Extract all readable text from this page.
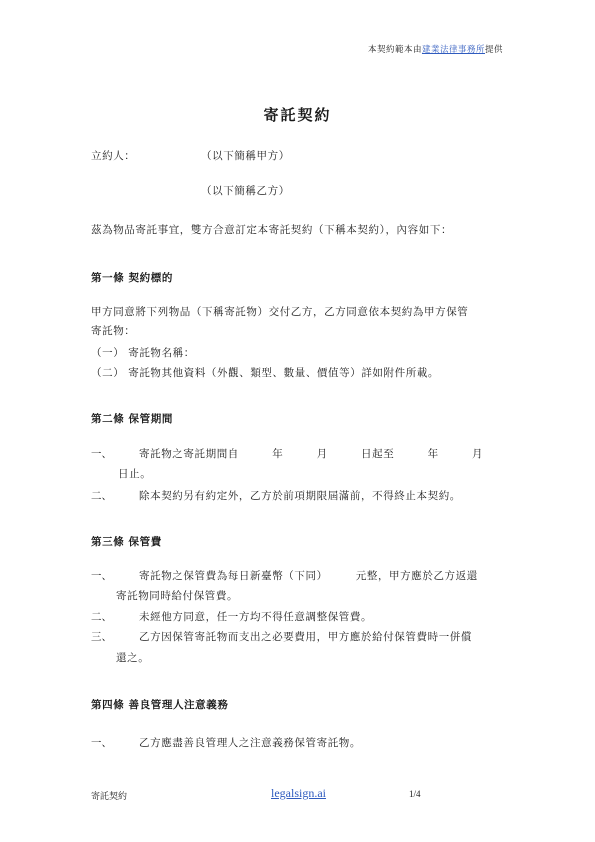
本契約範本由建業法律事務所提供
寄託契約
立約人：	（以下簡稱甲方）
（以下簡稱乙方）
茲為物品寄託事宜，雙方合意訂定本寄託契約（下稱本契約），內容如下：
第一條 契約標的
甲方同意將下列物品（下稱寄託物）交付乙方，乙方同意依本契約為甲方保管
寄託物：
（一） 寄託物名稱：
（二） 寄託物其他資料（外觀、類型、數量、價值等）詳如附件所載。
第二條 保管期間
一、	寄託物之寄託期間自　　　年　　　月　　　日起至　　　年　　　月
日止。
二、	除本契約另有約定外，乙方於前項期限屆滿前，不得終止本契約。
第三條 保管費
一、	寄託物之保管費為每日新臺幣（下同）　　　元整，甲方應於乙方返還
寄託物同時給付保管費。
二、	未經他方同意，任一方均不得任意調整保管費。
三、	乙方因保管寄託物而支出之必要費用，甲方應於給付保管費時一併償
還之。
第四條 善良管理人注意義務
一、	乙方應盡善良管理人之注意義務保管寄託物。
寄託契約	legalsign.ai	1/4
